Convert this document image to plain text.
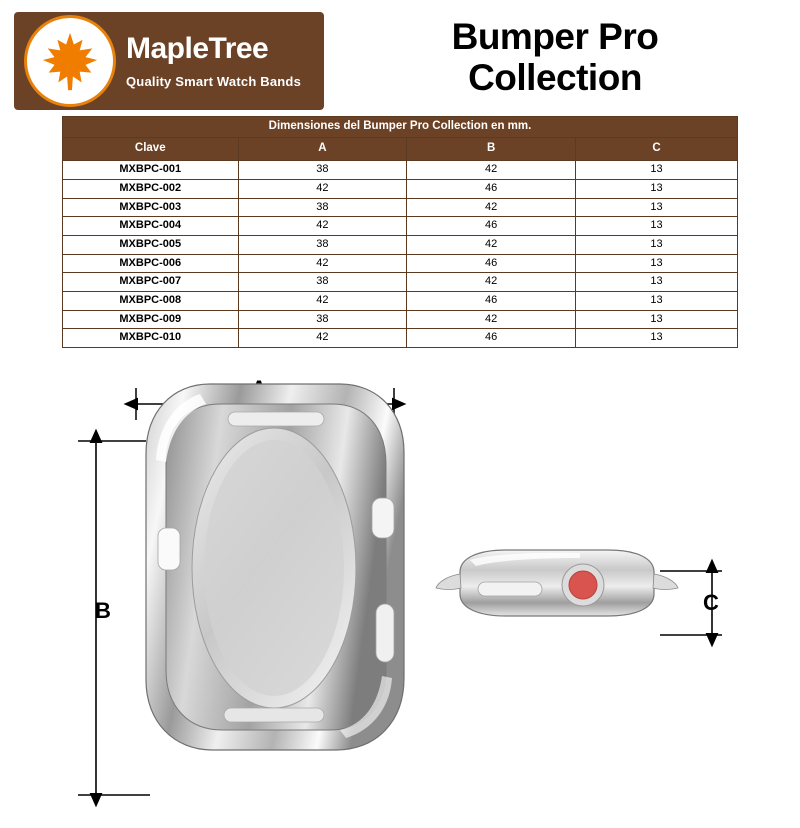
MapleTree
Quality Smart Watch Bands
Bumper Pro
Collection
Dimensiones del Bumper Pro Collection en mm.			
Clave	A	B	C
MXBPC-001	38	42	13
MXBPC-002	42	46	13
MXBPC-003	38	42	13
MXBPC-004	42	46	13
MXBPC-005	38	42	13
MXBPC-006	42	46	13
MXBPC-007	38	42	13
MXBPC-008	42	46	13
MXBPC-009	38	42	13
MXBPC-010	42	46	13
B	C
